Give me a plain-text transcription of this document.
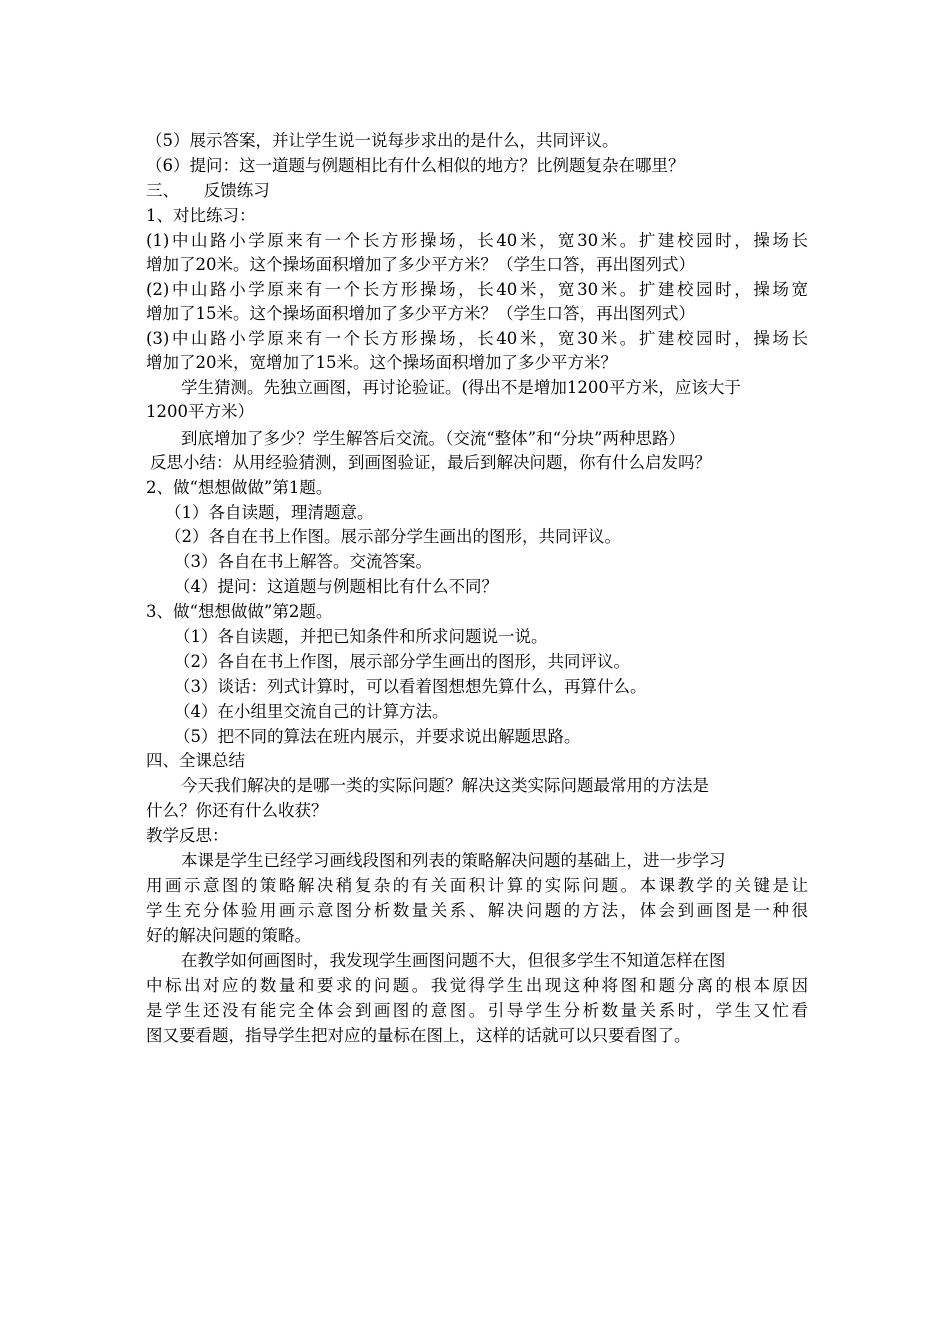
（5）展示答案，并让学生说一说每步求出的是什么，共同评议。
（6）提问：这一道题与例题相比有什么相似的地方？比例题复杂在哪里？
三、　　反馈练习
1、对比练习：
(1)中山路小学原来有一个长方形操场，长40米，宽30米。扩建校园时，操场长
增加了20米。这个操场面积增加了多少平方米？（学生口答，再出图列式）
(2)中山路小学原来有一个长方形操场，长40米，宽30米。扩建校园时，操场宽
增加了15米。这个操场面积增加了多少平方米？（学生口答，再出图列式）
(3)中山路小学原来有一个长方形操场，长40米，宽30米。扩建校园时，操场长
增加了20米，宽增加了15米。这个操场面积增加了多少平方米？
学生猜测。先独立画图，再讨论验证。(得出不是增加1200平方米，应该大于
1200平方米）
到底增加了多少？学生解答后交流。（交流“整体”和“分块”两种思路）
反思小结：从用经验猜测，到画图验证，最后到解决问题，你有什么启发吗？
2、做“想想做做”第1题。
（1）各自读题，理清题意。
（2）各自在书上作图。展示部分学生画出的图形，共同评议。
（3）各自在书上解答。交流答案。
（4）提问：这道题与例题相比有什么不同？
3、做“想想做做”第2题。
（1）各自读题，并把已知条件和所求问题说一说。
（2）各自在书上作图，展示部分学生画出的图形，共同评议。
（3）谈话：列式计算时，可以看着图想想先算什么，再算什么。
（4）在小组里交流自己的计算方法。
（5）把不同的算法在班内展示，并要求说出解题思路。
四、全课总结
今天我们解决的是哪一类的实际问题？解决这类实际问题最常用的方法是
什么？你还有什么收获？
教学反思：
本课是学生已经学习画线段图和列表的策略解决问题的基础上，进一步学习
用画示意图的策略解决稍复杂的有关面积计算的实际问题。本课教学的关键是让
学生充分体验用画示意图分析数量关系、解决问题的方法，体会到画图是一种很
好的解决问题的策略。
在教学如何画图时，我发现学生画图问题不大，但很多学生不知道怎样在图
中标出对应的数量和要求的问题。我觉得学生出现这种将图和题分离的根本原因
是学生还没有能完全体会到画图的意图。引导学生分析数量关系时，学生又忙看
图又要看题，指导学生把对应的量标在图上，这样的话就可以只要看图了。
